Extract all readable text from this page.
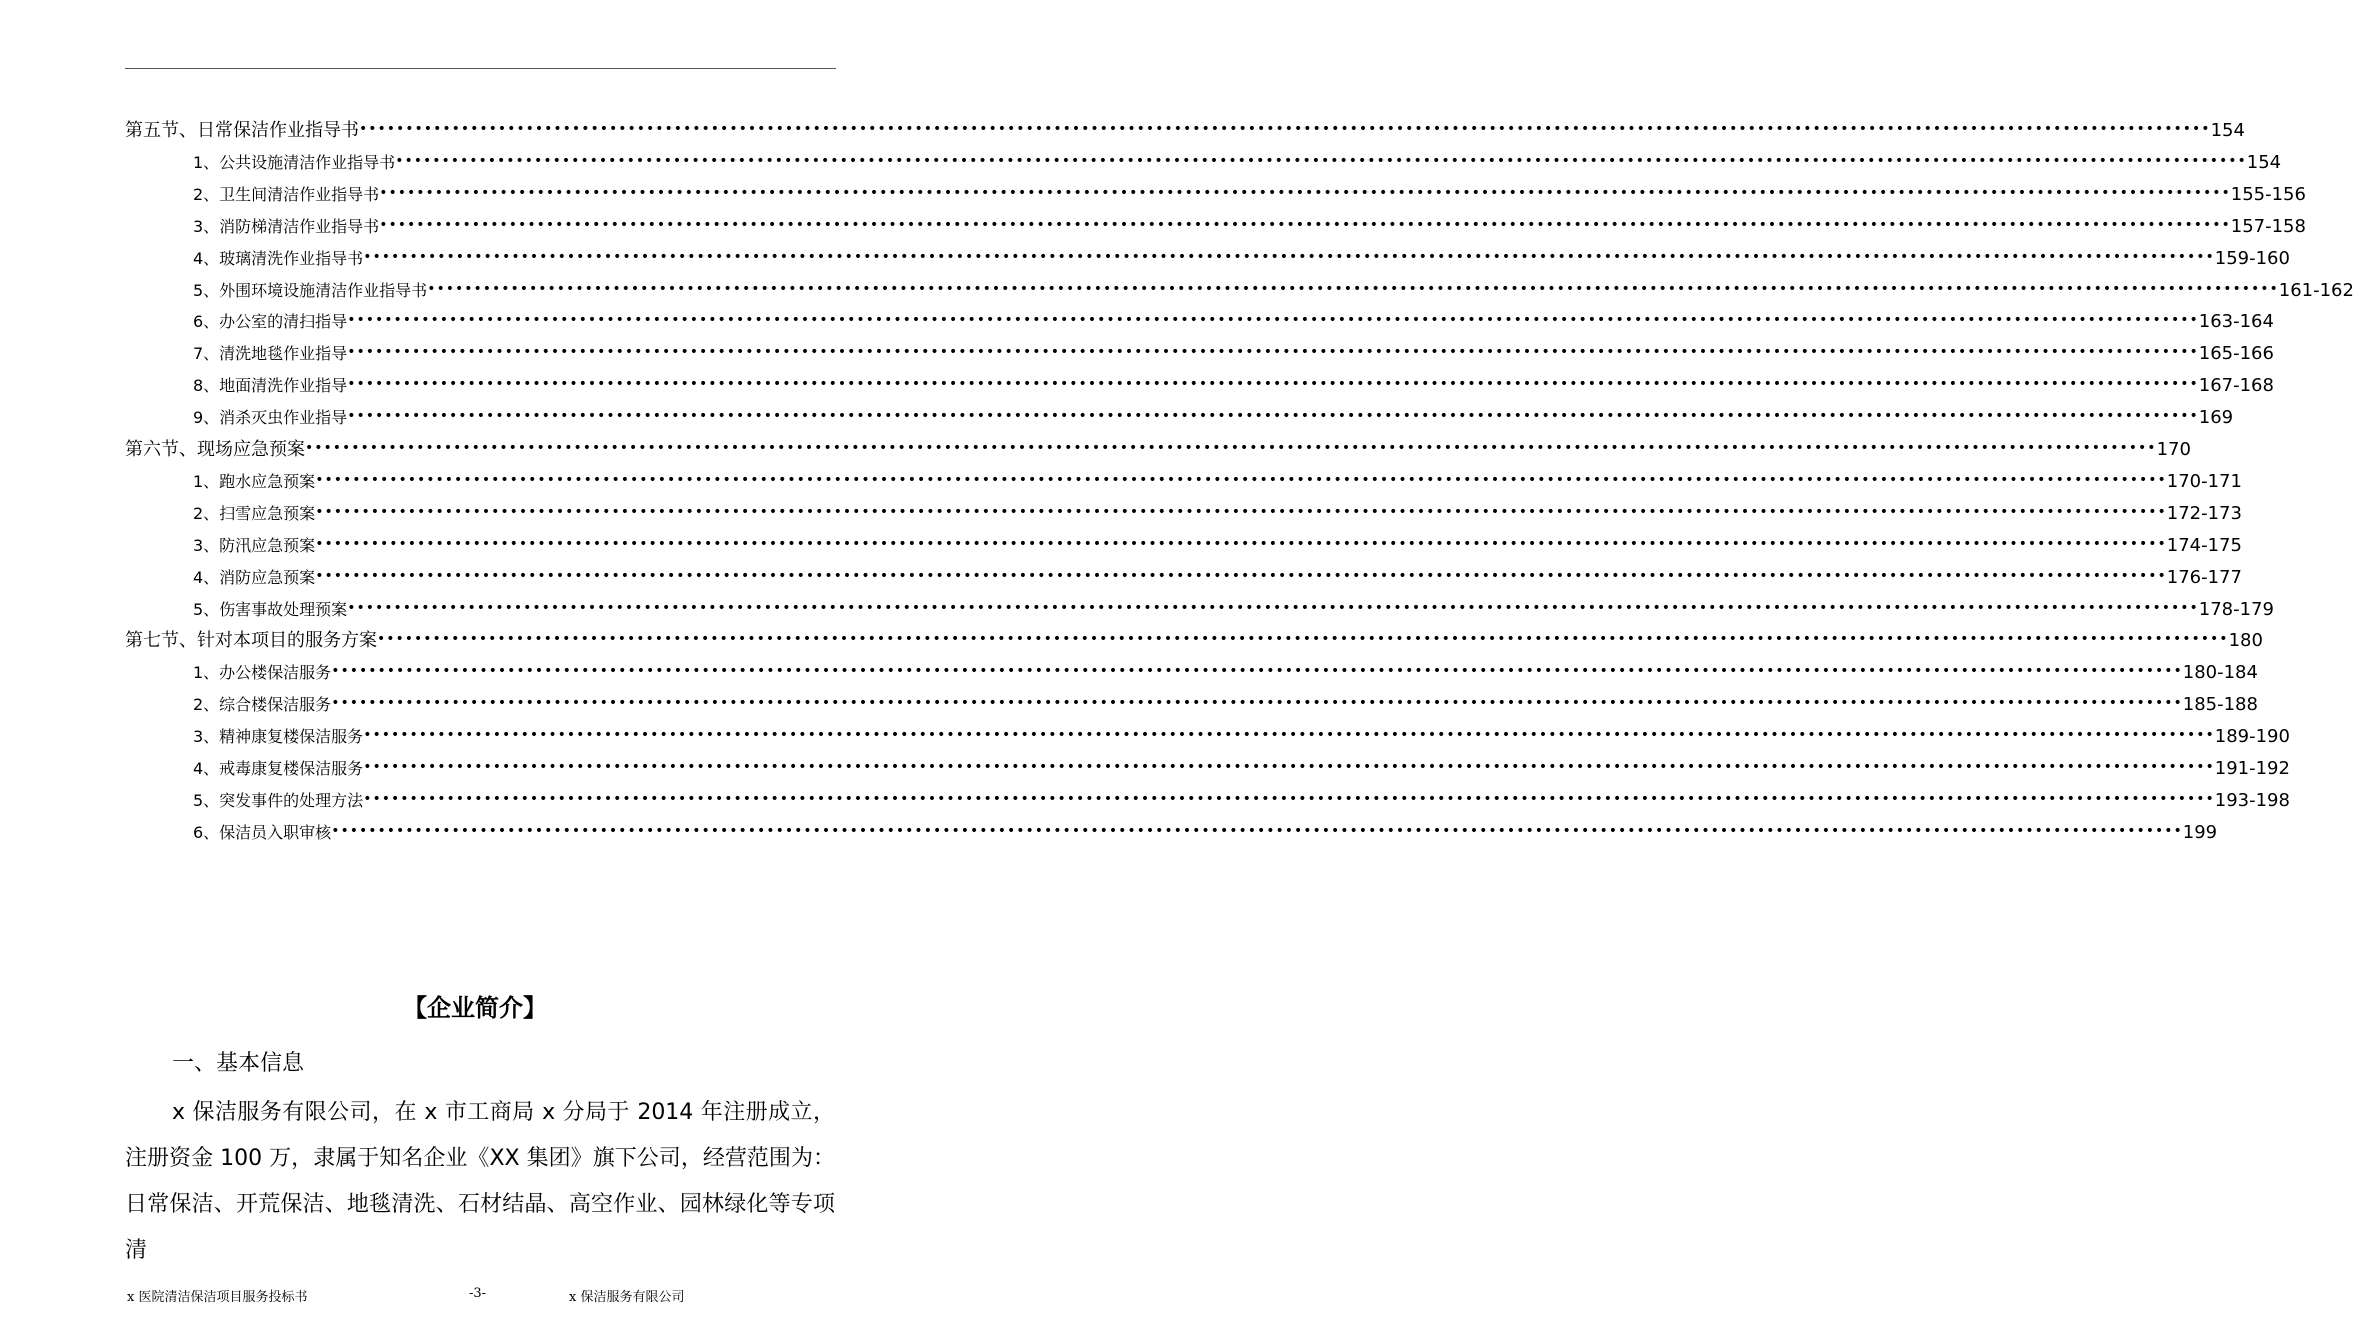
第五节、日常保洁作业指导书 •••••••••••••••••••••••••••••••••••••••••••••••••••••••••••••••••••••••••••••••••••••••••••••••••••••••••••••••••••••••••••••••••••••••••••••••••••••••••••••••••••••••••••••••••••••••••••••••••••••••• 154
1、公共设施清洁作业指导书 •••••••••••••••••••••••••••••••••••••••••••••••••••••••••••••••••••••••••••••••••••••••••••••••••••••••••••••••••••••••••••••••••••••••••••••••••••••••••••••••••••••••••••••••••••••••••••••••••••••••• 154
2、卫生间清洁作业指导书 •••••••••••••••••••••••••••••••••••••••••••••••••••••••••••••••••••••••••••••••••••••••••••••••••••••••••••••••••••••••••••••••••••••••••••••••••••••••••••••••••••••••••••••••••••••••••••••••••••••••• 155-156
3、消防梯清洁作业指导书 •••••••••••••••••••••••••••••••••••••••••••••••••••••••••••••••••••••••••••••••••••••••••••••••••••••••••••••••••••••••••••••••••••••••••••••••••••••••••••••••••••••••••••••••••••••••••••••••••••••••• 157-158
4、玻璃清洗作业指导书 •••••••••••••••••••••••••••••••••••••••••••••••••••••••••••••••••••••••••••••••••••••••••••••••••••••••••••••••••••••••••••••••••••••••••••••••••••••••••••••••••••••••••••••••••••••••••••••••••••••••• 159-160
5、外围环境设施清洁作业指导书 •••••••••••••••••••••••••••••••••••••••••••••••••••••••••••••••••••••••••••••••••••••••••••••••••••••••••••••••••••••••••••••••••••••••••••••••••••••••••••••••••••••••••••••••••••••••••••••••••••••••• 161-162
6、办公室的清扫指导 •••••••••••••••••••••••••••••••••••••••••••••••••••••••••••••••••••••••••••••••••••••••••••••••••••••••••••••••••••••••••••••••••••••••••••••••••••••••••••••••••••••••••••••••••••••••••••••••••••••••• 163-164
7、清洗地毯作业指导 •••••••••••••••••••••••••••••••••••••••••••••••••••••••••••••••••••••••••••••••••••••••••••••••••••••••••••••••••••••••••••••••••••••••••••••••••••••••••••••••••••••••••••••••••••••••••••••••••••••••• 165-166
8、地面清洗作业指导 •••••••••••••••••••••••••••••••••••••••••••••••••••••••••••••••••••••••••••••••••••••••••••••••••••••••••••••••••••••••••••••••••••••••••••••••••••••••••••••••••••••••••••••••••••••••••••••••••••••••• 167-168
9、消杀灭虫作业指导 •••••••••••••••••••••••••••••••••••••••••••••••••••••••••••••••••••••••••••••••••••••••••••••••••••••••••••••••••••••••••••••••••••••••••••••••••••••••••••••••••••••••••••••••••••••••••••••••••••••••• 169
第六节、现场应急预案 •••••••••••••••••••••••••••••••••••••••••••••••••••••••••••••••••••••••••••••••••••••••••••••••••••••••••••••••••••••••••••••••••••••••••••••••••••••••••••••••••••••••••••••••••••••••••••••••••••••••• 170
1、跑水应急预案 •••••••••••••••••••••••••••••••••••••••••••••••••••••••••••••••••••••••••••••••••••••••••••••••••••••••••••••••••••••••••••••••••••••••••••••••••••••••••••••••••••••••••••••••••••••••••••••••••••••••• 170-171
2、扫雪应急预案 •••••••••••••••••••••••••••••••••••••••••••••••••••••••••••••••••••••••••••••••••••••••••••••••••••••••••••••••••••••••••••••••••••••••••••••••••••••••••••••••••••••••••••••••••••••••••••••••••••••••• 172-173
3、防汛应急预案 •••••••••••••••••••••••••••••••••••••••••••••••••••••••••••••••••••••••••••••••••••••••••••••••••••••••••••••••••••••••••••••••••••••••••••••••••••••••••••••••••••••••••••••••••••••••••••••••••••••••• 174-175
4、消防应急预案 •••••••••••••••••••••••••••••••••••••••••••••••••••••••••••••••••••••••••••••••••••••••••••••••••••••••••••••••••••••••••••••••••••••••••••••••••••••••••••••••••••••••••••••••••••••••••••••••••••••••• 176-177
5、伤害事故处理预案 •••••••••••••••••••••••••••••••••••••••••••••••••••••••••••••••••••••••••••••••••••••••••••••••••••••••••••••••••••••••••••••••••••••••••••••••••••••••••••••••••••••••••••••••••••••••••••••••••••••••• 178-179
第七节、针对本项目的服务方案 •••••••••••••••••••••••••••••••••••••••••••••••••••••••••••••••••••••••••••••••••••••••••••••••••••••••••••••••••••••••••••••••••••••••••••••••••••••••••••••••••••••••••••••••••••••••••••••••••••••••• 180
1、办公楼保洁服务 •••••••••••••••••••••••••••••••••••••••••••••••••••••••••••••••••••••••••••••••••••••••••••••••••••••••••••••••••••••••••••••••••••••••••••••••••••••••••••••••••••••••••••••••••••••••••••••••••••••••• 180-184
2、综合楼保洁服务 •••••••••••••••••••••••••••••••••••••••••••••••••••••••••••••••••••••••••••••••••••••••••••••••••••••••••••••••••••••••••••••••••••••••••••••••••••••••••••••••••••••••••••••••••••••••••••••••••••••••• 185-188
3、精神康复楼保洁服务 •••••••••••••••••••••••••••••••••••••••••••••••••••••••••••••••••••••••••••••••••••••••••••••••••••••••••••••••••••••••••••••••••••••••••••••••••••••••••••••••••••••••••••••••••••••••••••••••••••••••• 189-190
4、戒毒康复楼保洁服务 •••••••••••••••••••••••••••••••••••••••••••••••••••••••••••••••••••••••••••••••••••••••••••••••••••••••••••••••••••••••••••••••••••••••••••••••••••••••••••••••••••••••••••••••••••••••••••••••••••••••• 191-192
5、突发事件的处理方法 •••••••••••••••••••••••••••••••••••••••••••••••••••••••••••••••••••••••••••••••••••••••••••••••••••••••••••••••••••••••••••••••••••••••••••••••••••••••••••••••••••••••••••••••••••••••••••••••••••••••• 193-198
6、保洁员入职审核 •••••••••••••••••••••••••••••••••••••••••••••••••••••••••••••••••••••••••••••••••••••••••••••••••••••••••••••••••••••••••••••••••••••••••••••••••••••••••••••••••••••••••••••••••••••••••••••••••••••••• 199
【企业简介】
一、基本信息
x 保洁服务有限公司，在 x 市工商局 x 分局于 2014 年注册成立，注册资金 100 万，隶属于知名企业《XX 集团》旗下公司，经营范围为：日常保洁、开荒保洁、地毯清洗、石材结晶、高空作业、园林绿化等专项清
x 医院清洁保洁项目服务投标书	-3-	x 保洁服务有限公司
